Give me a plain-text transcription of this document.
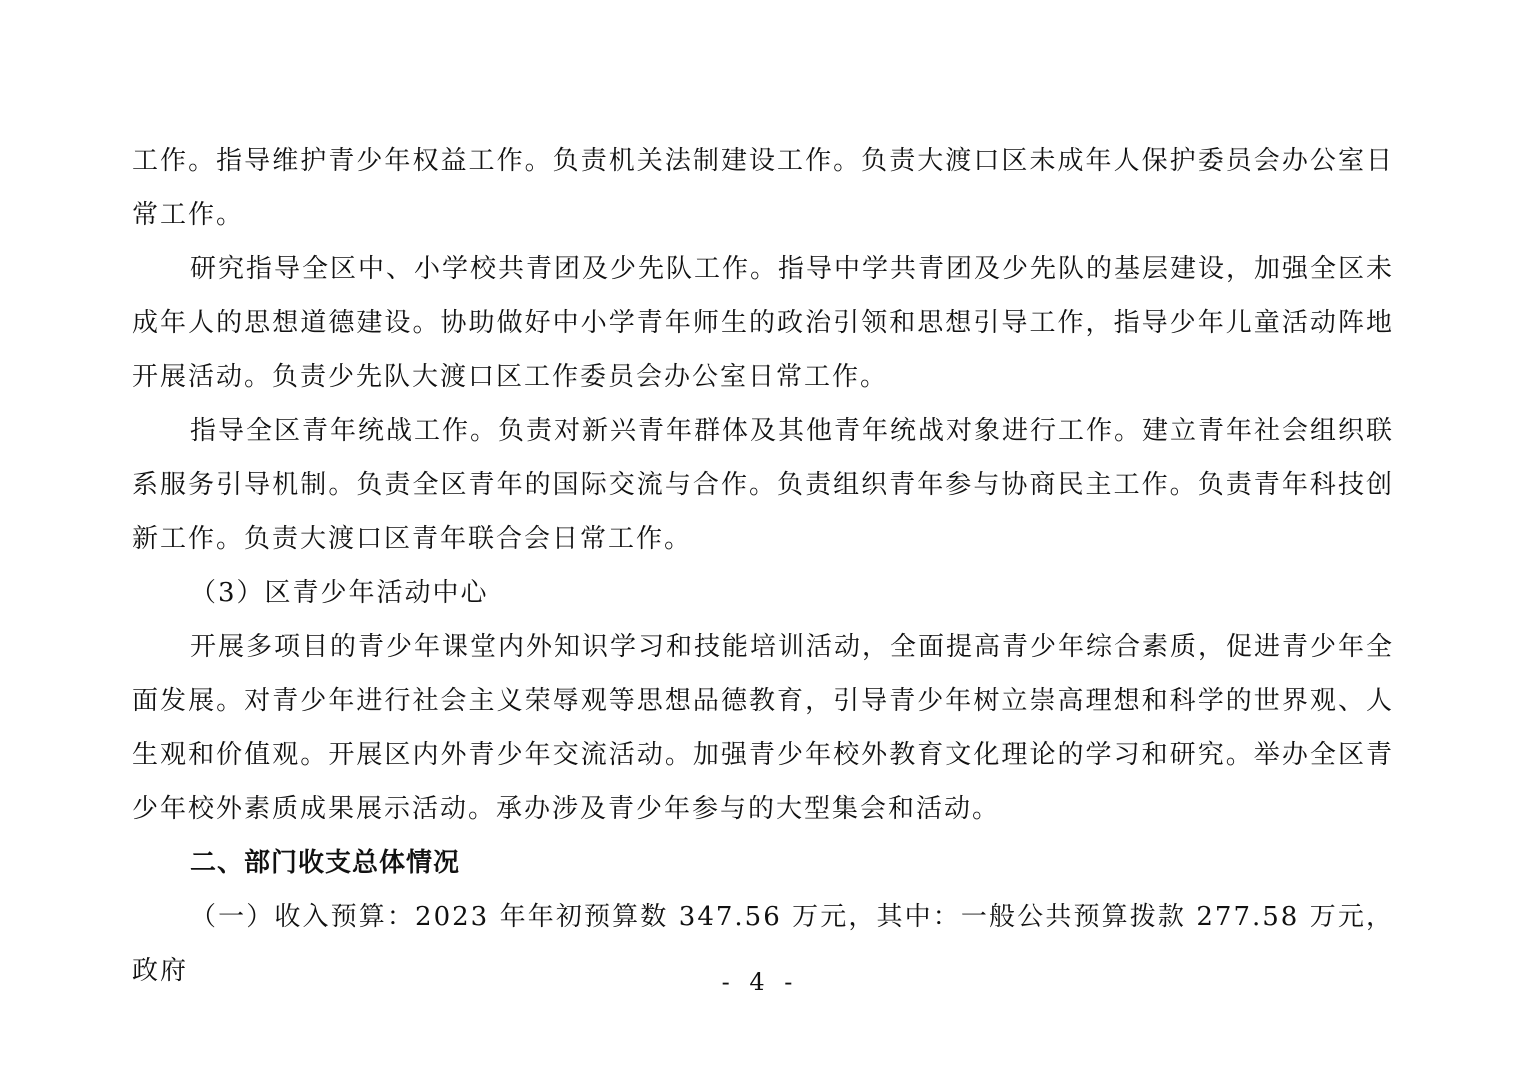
工作。指导维护青少年权益工作。负责机关法制建设工作。负责大渡口区未成年人保护委员会办公室日常工作。

研究指导全区中、小学校共青团及少先队工作。指导中学共青团及少先队的基层建设，加强全区未成年人的思想道德建设。协助做好中小学青年师生的政治引领和思想引导工作，指导少年儿童活动阵地开展活动。负责少先队大渡口区工作委员会办公室日常工作。

指导全区青年统战工作。负责对新兴青年群体及其他青年统战对象进行工作。建立青年社会组织联系服务引导机制。负责全区青年的国际交流与合作。负责组织青年参与协商民主工作。负责青年科技创新工作。负责大渡口区青年联合会日常工作。

（3）区青少年活动中心

开展多项目的青少年课堂内外知识学习和技能培训活动，全面提高青少年综合素质，促进青少年全面发展。对青少年进行社会主义荣辱观等思想品德教育，引导青少年树立崇高理想和科学的世界观、人生观和价值观。开展区内外青少年交流活动。加强青少年校外教育文化理论的学习和研究。举办全区青少年校外素质成果展示活动。承办涉及青少年参与的大型集会和活动。

二、部门收支总体情况

（一）收入预算：2023 年年初预算数 347.56 万元，其中：一般公共预算拨款 277.58 万元，政府	- 4 -
